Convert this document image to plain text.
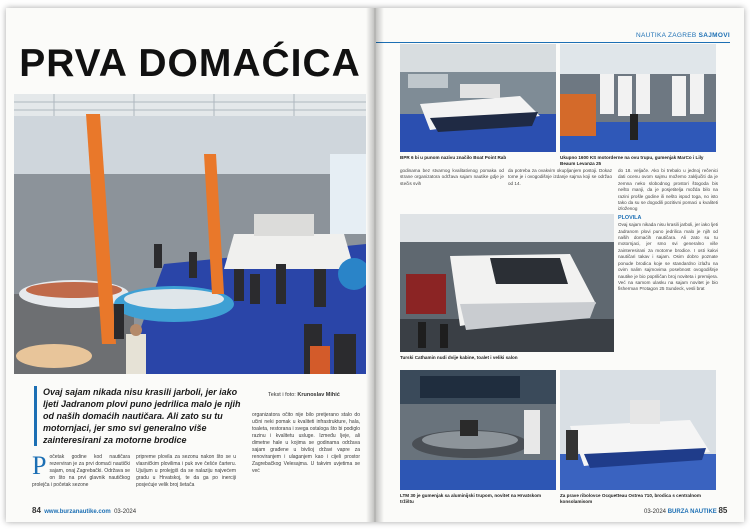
PRVA DOMAĆICA
Ovaj sajam nikada nisu krasili jarboli, jer iako ljeti Jadranom plovi puno jedrilica malo je njih od naših domaćih nautičara. Ali zato su tu motornjaci, jer smo svi generalno više zainteresirani za motorne brodice
Tekst i foto: Krunoslav Mihić
P očetak godine kod nautičara rezerviran je za prvi domaći nautički sajam, onaj Zagrebački. Održava se on što na prvi glavnik nautičkog prolejča i početak sezone
pripreme plovila za sezonu nakon što se u vlasničkim plovilima i puk sve češće čarteru. Ujuljum u prolejgiš da se nalaziju najvećem gradu u Hrvatskoj, te da ga po inerciji posjećuje velik broj šetača
organizatora očito nije bilo pretjerano stalo do učini neki pomak u kvaliteti infrastrukture, hala, toaleta, restorana i svega ostaloga što bi podiglo razinu i kvalitetu usluge. Između ljeje, ali dimetne hale u kojima se godinama održava sajam građene u bivšoj državi vapre za renoviranjem i ulaganjem kao i cijeli prostor Zagrebačkog Velesajma. U takvim uvjetima se već
84 www.burzanautike.com 03-2024
NAUTIKA ZAGREB SAJMOVI
BPR 6 bi u punom nazivu značilo Boat Point Rab	Ukupno 1600 KS motorderne na ovu trupu, gumenjak MarCo i Lily Beaum Levanza 25
godinama bez stvarnog kvalitativnog pomaka od strane organizatora održava sajam nautike gdje je stečis svih
da potreba za ovakvim okupljanjem postoji. Dokaz tome je i ovogodišnje izdanje sajma koji se održao od 14.
do 18. veljače. Ako bi trebalo u jednoj rečenici dati ocenu ovom sajmu možemo zaključiti da je zemna neko slobodnog prostori štogoda bis nešto manji, da je posjetitelja možda bilo na razini prošle godine ili nešto ispod toga, no isto tako da su se dogodili pozitivni pomaci u kvaliteti izloženog
PLOVILA
Ovaj sajam nikada nisu krasili jarboli, jer iako ljeti Jadranom plovi puno jedrilica malo je njih od naših domaćih nautičara. Ali zato su tu motornjaci, jer smo svi generalno više zainteresirani za motorne brodice. I osti kakvi nautičari takav i sajam. Osim dobro poznate ponude brodica koje se standardno izlažu na ovim nalim sajmovima posebnost ovogodišnje nautike je bio popriličan broj novitetа i premijera. Već na samom ulasku na sajam novitet je bio fisherman Protagon 25 Sundeck, vesli brat
Turski Cathamin nudi dvije kabine, toalet i veliki salon
LTM 30 je gumenjak sa aluminijski trupom, novitet na Hrvatskom tržištu
Za prave ribolovce Ocquetteau Ostrea 710, brodica s centralnom konsolamisom
03-2024 BURZA NAUTIKE 85
